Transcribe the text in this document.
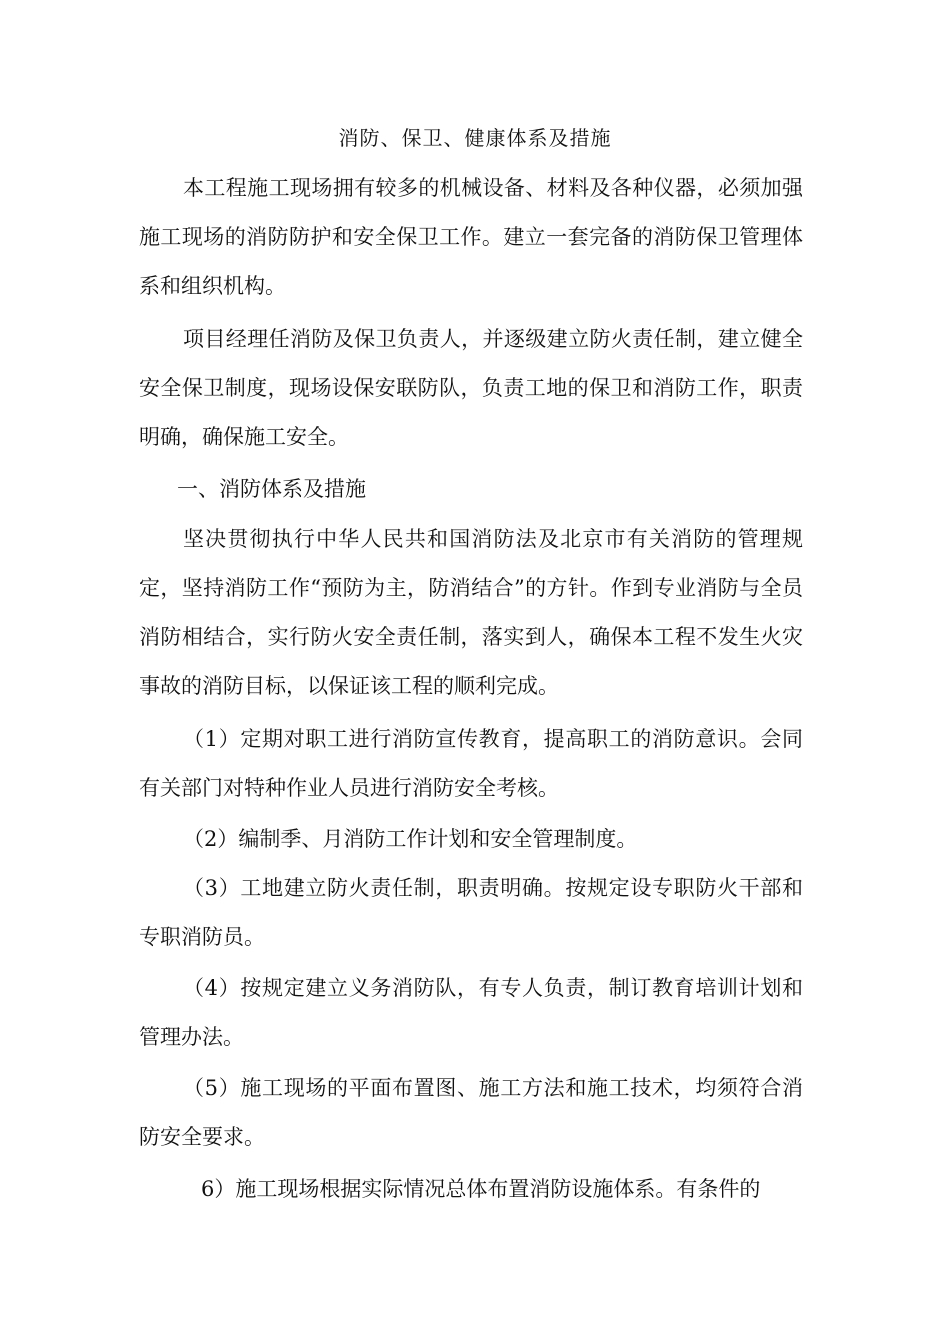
消防、保卫、健康体系及措施
本工程施工现场拥有较多的机械设备、材料及各种仪器，必须加强施工现场的消防防护和安全保卫工作。建立一套完备的消防保卫管理体系和组织机构。
项目经理任消防及保卫负责人，并逐级建立防火责任制，建立健全安全保卫制度，现场设保安联防队，负责工地的保卫和消防工作，职责明确，确保施工安全。
一、消防体系及措施
坚决贯彻执行中华人民共和国消防法及北京市有关消防的管理规定，坚持消防工作“预防为主，防消结合”的方针。作到专业消防与全员消防相结合，实行防火安全责任制，落实到人，确保本工程不发生火灾事故的消防目标，以保证该工程的顺利完成。
（1）定期对职工进行消防宣传教育，提高职工的消防意识。会同有关部门对特种作业人员进行消防安全考核。
（2）编制季、月消防工作计划和安全管理制度。
（3）工地建立防火责任制，职责明确。按规定设专职防火干部和专职消防员。
（4）按规定建立义务消防队，有专人负责，制订教育培训计划和管理办法。
（5）施工现场的平面布置图、施工方法和施工技术，均须符合消防安全要求。
6）施工现场根据实际情况总体布置消防设施体系。有条件的
